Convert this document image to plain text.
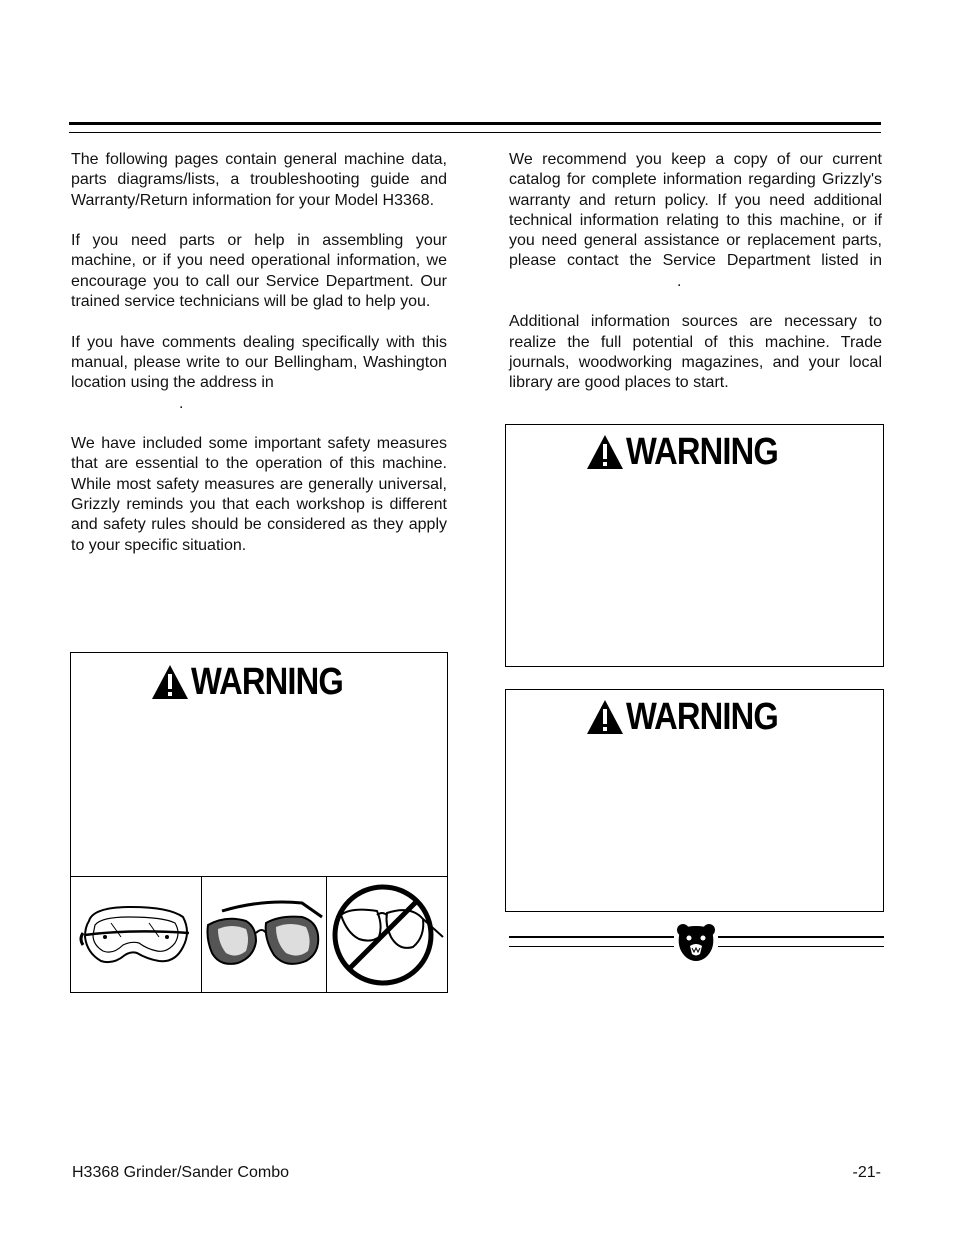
The following pages contain general machine data, parts diagrams/lists, a troubleshooting guide and Warranty/Return information for your Model H3368.

If you need parts or help in assembling your machine, or if you need operational information, we encourage you to call our Service Department. Our trained service technicians will be glad to help you.

If you have comments dealing specifically with this manual, please write to our Bellingham, Washington location using the address in
.

We have included some important safety measures that are essential to the operation of this machine. While most safety measures are generally universal, Grizzly reminds you that each workshop is different and safety rules should be considered as they apply to your specific situation.

We recommend you keep a copy of our current catalog for complete information regarding Grizzly's warranty and return policy. If you need additional technical information relating to this machine, or if you need general assistance or replacement parts, please contact the Service Department listed in .

Additional information sources are necessary to realize the full potential of this machine. Trade journals, woodworking magazines, and your local library are good places to start.

WARNING
WARNING
WARNING
H3368 Grinder/Sander Combo	-21-
